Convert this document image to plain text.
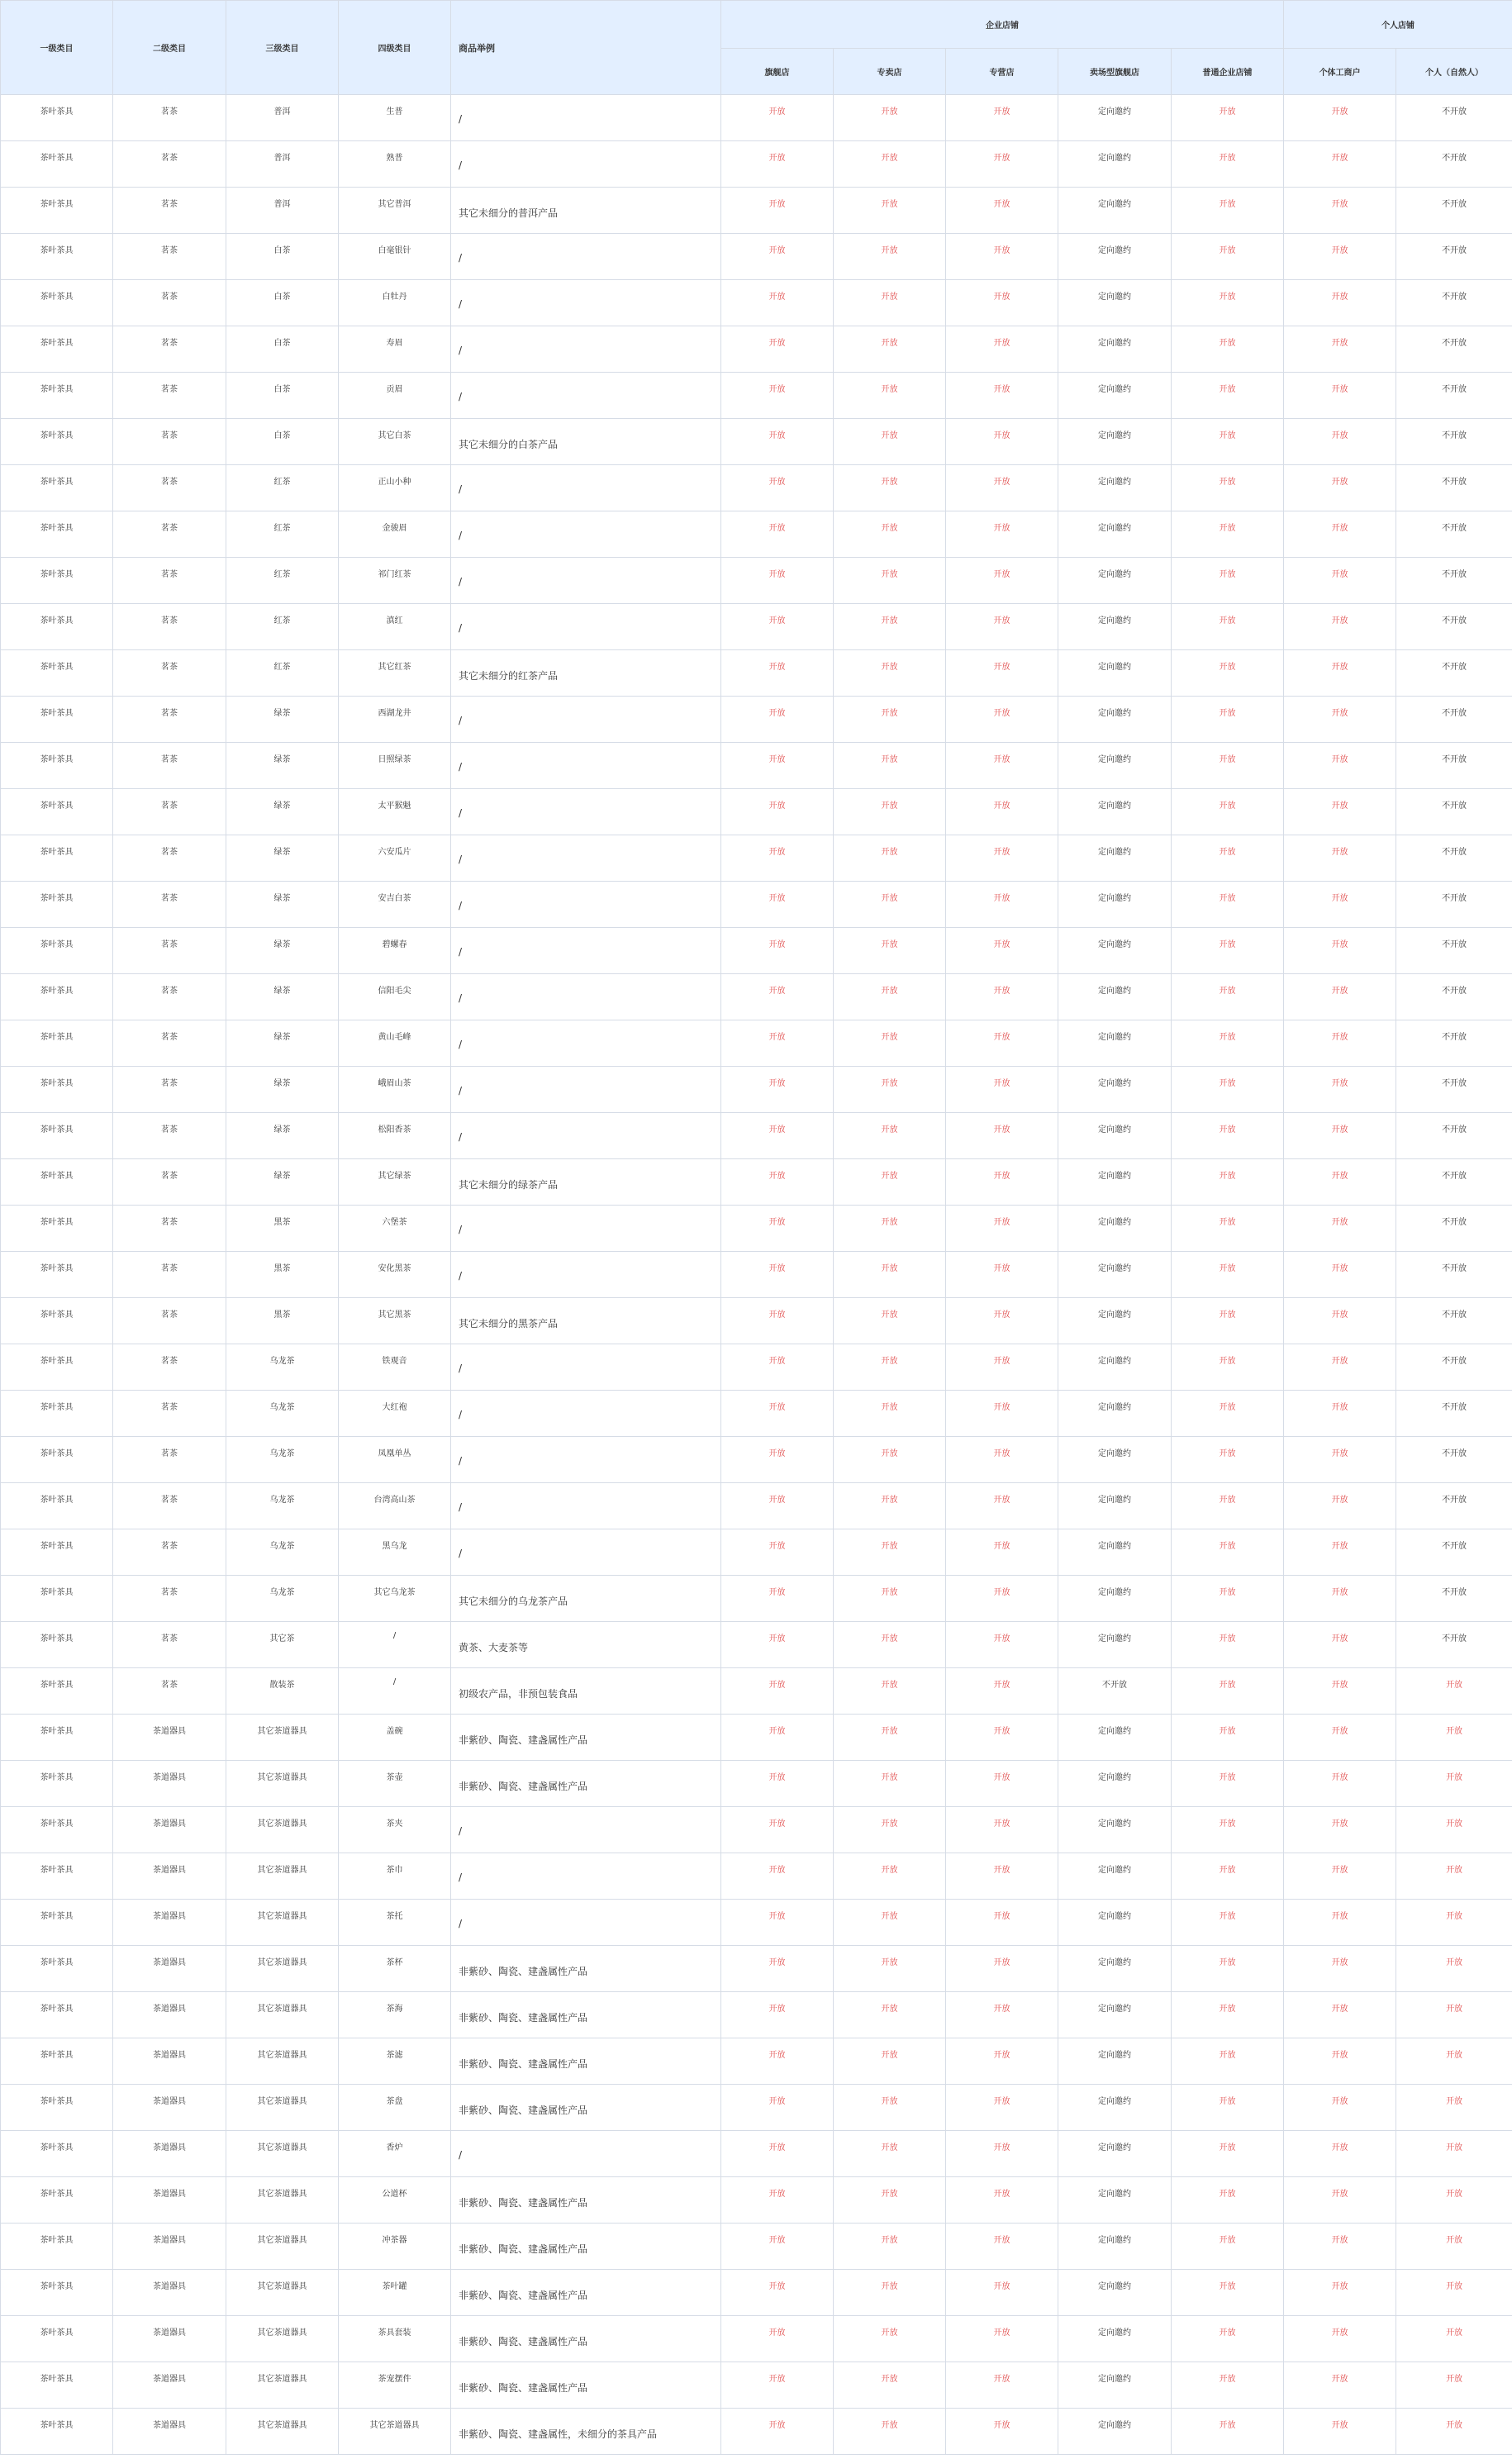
一级类目	二级类目	三级类目	四级类目	商品举例	企业店铺					个人店铺	
					旗舰店	专卖店	专营店	卖场型旗舰店	普通企业店铺	个体工商户	个人（自然人）
茶叶茶具	茗茶	普洱	生普	/	开放	开放	开放	定向邀约	开放	开放	不开放
茶叶茶具	茗茶	普洱	熟普	/	开放	开放	开放	定向邀约	开放	开放	不开放
茶叶茶具	茗茶	普洱	其它普洱	其它未细分的普洱产品	开放	开放	开放	定向邀约	开放	开放	不开放
茶叶茶具	茗茶	白茶	白毫银针	/	开放	开放	开放	定向邀约	开放	开放	不开放
茶叶茶具	茗茶	白茶	白牡丹	/	开放	开放	开放	定向邀约	开放	开放	不开放
茶叶茶具	茗茶	白茶	寿眉	/	开放	开放	开放	定向邀约	开放	开放	不开放
茶叶茶具	茗茶	白茶	贡眉	/	开放	开放	开放	定向邀约	开放	开放	不开放
茶叶茶具	茗茶	白茶	其它白茶	其它未细分的白茶产品	开放	开放	开放	定向邀约	开放	开放	不开放
茶叶茶具	茗茶	红茶	正山小种	/	开放	开放	开放	定向邀约	开放	开放	不开放
茶叶茶具	茗茶	红茶	金骏眉	/	开放	开放	开放	定向邀约	开放	开放	不开放
茶叶茶具	茗茶	红茶	祁门红茶	/	开放	开放	开放	定向邀约	开放	开放	不开放
茶叶茶具	茗茶	红茶	滇红	/	开放	开放	开放	定向邀约	开放	开放	不开放
茶叶茶具	茗茶	红茶	其它红茶	其它未细分的红茶产品	开放	开放	开放	定向邀约	开放	开放	不开放
茶叶茶具	茗茶	绿茶	西湖龙井	/	开放	开放	开放	定向邀约	开放	开放	不开放
茶叶茶具	茗茶	绿茶	日照绿茶	/	开放	开放	开放	定向邀约	开放	开放	不开放
茶叶茶具	茗茶	绿茶	太平猴魁	/	开放	开放	开放	定向邀约	开放	开放	不开放
茶叶茶具	茗茶	绿茶	六安瓜片	/	开放	开放	开放	定向邀约	开放	开放	不开放
茶叶茶具	茗茶	绿茶	安吉白茶	/	开放	开放	开放	定向邀约	开放	开放	不开放
茶叶茶具	茗茶	绿茶	碧螺春	/	开放	开放	开放	定向邀约	开放	开放	不开放
茶叶茶具	茗茶	绿茶	信阳毛尖	/	开放	开放	开放	定向邀约	开放	开放	不开放
茶叶茶具	茗茶	绿茶	黄山毛峰	/	开放	开放	开放	定向邀约	开放	开放	不开放
茶叶茶具	茗茶	绿茶	峨眉山茶	/	开放	开放	开放	定向邀约	开放	开放	不开放
茶叶茶具	茗茶	绿茶	松阳香茶	/	开放	开放	开放	定向邀约	开放	开放	不开放
茶叶茶具	茗茶	绿茶	其它绿茶	其它未细分的绿茶产品	开放	开放	开放	定向邀约	开放	开放	不开放
茶叶茶具	茗茶	黑茶	六堡茶	/	开放	开放	开放	定向邀约	开放	开放	不开放
茶叶茶具	茗茶	黑茶	安化黑茶	/	开放	开放	开放	定向邀约	开放	开放	不开放
茶叶茶具	茗茶	黑茶	其它黑茶	其它未细分的黑茶产品	开放	开放	开放	定向邀约	开放	开放	不开放
茶叶茶具	茗茶	乌龙茶	铁观音	/	开放	开放	开放	定向邀约	开放	开放	不开放
茶叶茶具	茗茶	乌龙茶	大红袍	/	开放	开放	开放	定向邀约	开放	开放	不开放
茶叶茶具	茗茶	乌龙茶	凤凰单丛	/	开放	开放	开放	定向邀约	开放	开放	不开放
茶叶茶具	茗茶	乌龙茶	台湾高山茶	/	开放	开放	开放	定向邀约	开放	开放	不开放
茶叶茶具	茗茶	乌龙茶	黑乌龙	/	开放	开放	开放	定向邀约	开放	开放	不开放
茶叶茶具	茗茶	乌龙茶	其它乌龙茶	其它未细分的乌龙茶产品	开放	开放	开放	定向邀约	开放	开放	不开放
茶叶茶具	茗茶	其它茶	/	黄茶、大麦茶等	开放	开放	开放	定向邀约	开放	开放	不开放
茶叶茶具	茗茶	散装茶	/	初级农产品，非预包装食品	开放	开放	开放	不开放	开放	开放	开放
茶叶茶具	茶道器具	其它茶道器具	盖碗	非紫砂、陶瓷、建盏属性产品	开放	开放	开放	定向邀约	开放	开放	开放
茶叶茶具	茶道器具	其它茶道器具	茶壶	非紫砂、陶瓷、建盏属性产品	开放	开放	开放	定向邀约	开放	开放	开放
茶叶茶具	茶道器具	其它茶道器具	茶夹	/	开放	开放	开放	定向邀约	开放	开放	开放
茶叶茶具	茶道器具	其它茶道器具	茶巾	/	开放	开放	开放	定向邀约	开放	开放	开放
茶叶茶具	茶道器具	其它茶道器具	茶托	/	开放	开放	开放	定向邀约	开放	开放	开放
茶叶茶具	茶道器具	其它茶道器具	茶杯	非紫砂、陶瓷、建盏属性产品	开放	开放	开放	定向邀约	开放	开放	开放
茶叶茶具	茶道器具	其它茶道器具	茶海	非紫砂、陶瓷、建盏属性产品	开放	开放	开放	定向邀约	开放	开放	开放
茶叶茶具	茶道器具	其它茶道器具	茶滤	非紫砂、陶瓷、建盏属性产品	开放	开放	开放	定向邀约	开放	开放	开放
茶叶茶具	茶道器具	其它茶道器具	茶盘	非紫砂、陶瓷、建盏属性产品	开放	开放	开放	定向邀约	开放	开放	开放
茶叶茶具	茶道器具	其它茶道器具	香炉	/	开放	开放	开放	定向邀约	开放	开放	开放
茶叶茶具	茶道器具	其它茶道器具	公道杯	非紫砂、陶瓷、建盏属性产品	开放	开放	开放	定向邀约	开放	开放	开放
茶叶茶具	茶道器具	其它茶道器具	冲茶器	非紫砂、陶瓷、建盏属性产品	开放	开放	开放	定向邀约	开放	开放	开放
茶叶茶具	茶道器具	其它茶道器具	茶叶罐	非紫砂、陶瓷、建盏属性产品	开放	开放	开放	定向邀约	开放	开放	开放
茶叶茶具	茶道器具	其它茶道器具	茶具套装	非紫砂、陶瓷、建盏属性产品	开放	开放	开放	定向邀约	开放	开放	开放
茶叶茶具	茶道器具	其它茶道器具	茶宠摆件	非紫砂、陶瓷、建盏属性产品	开放	开放	开放	定向邀约	开放	开放	开放
茶叶茶具	茶道器具	其它茶道器具	其它茶道器具	非紫砂、陶瓷、建盏属性，未细分的茶具产品	开放	开放	开放	定向邀约	开放	开放	开放
